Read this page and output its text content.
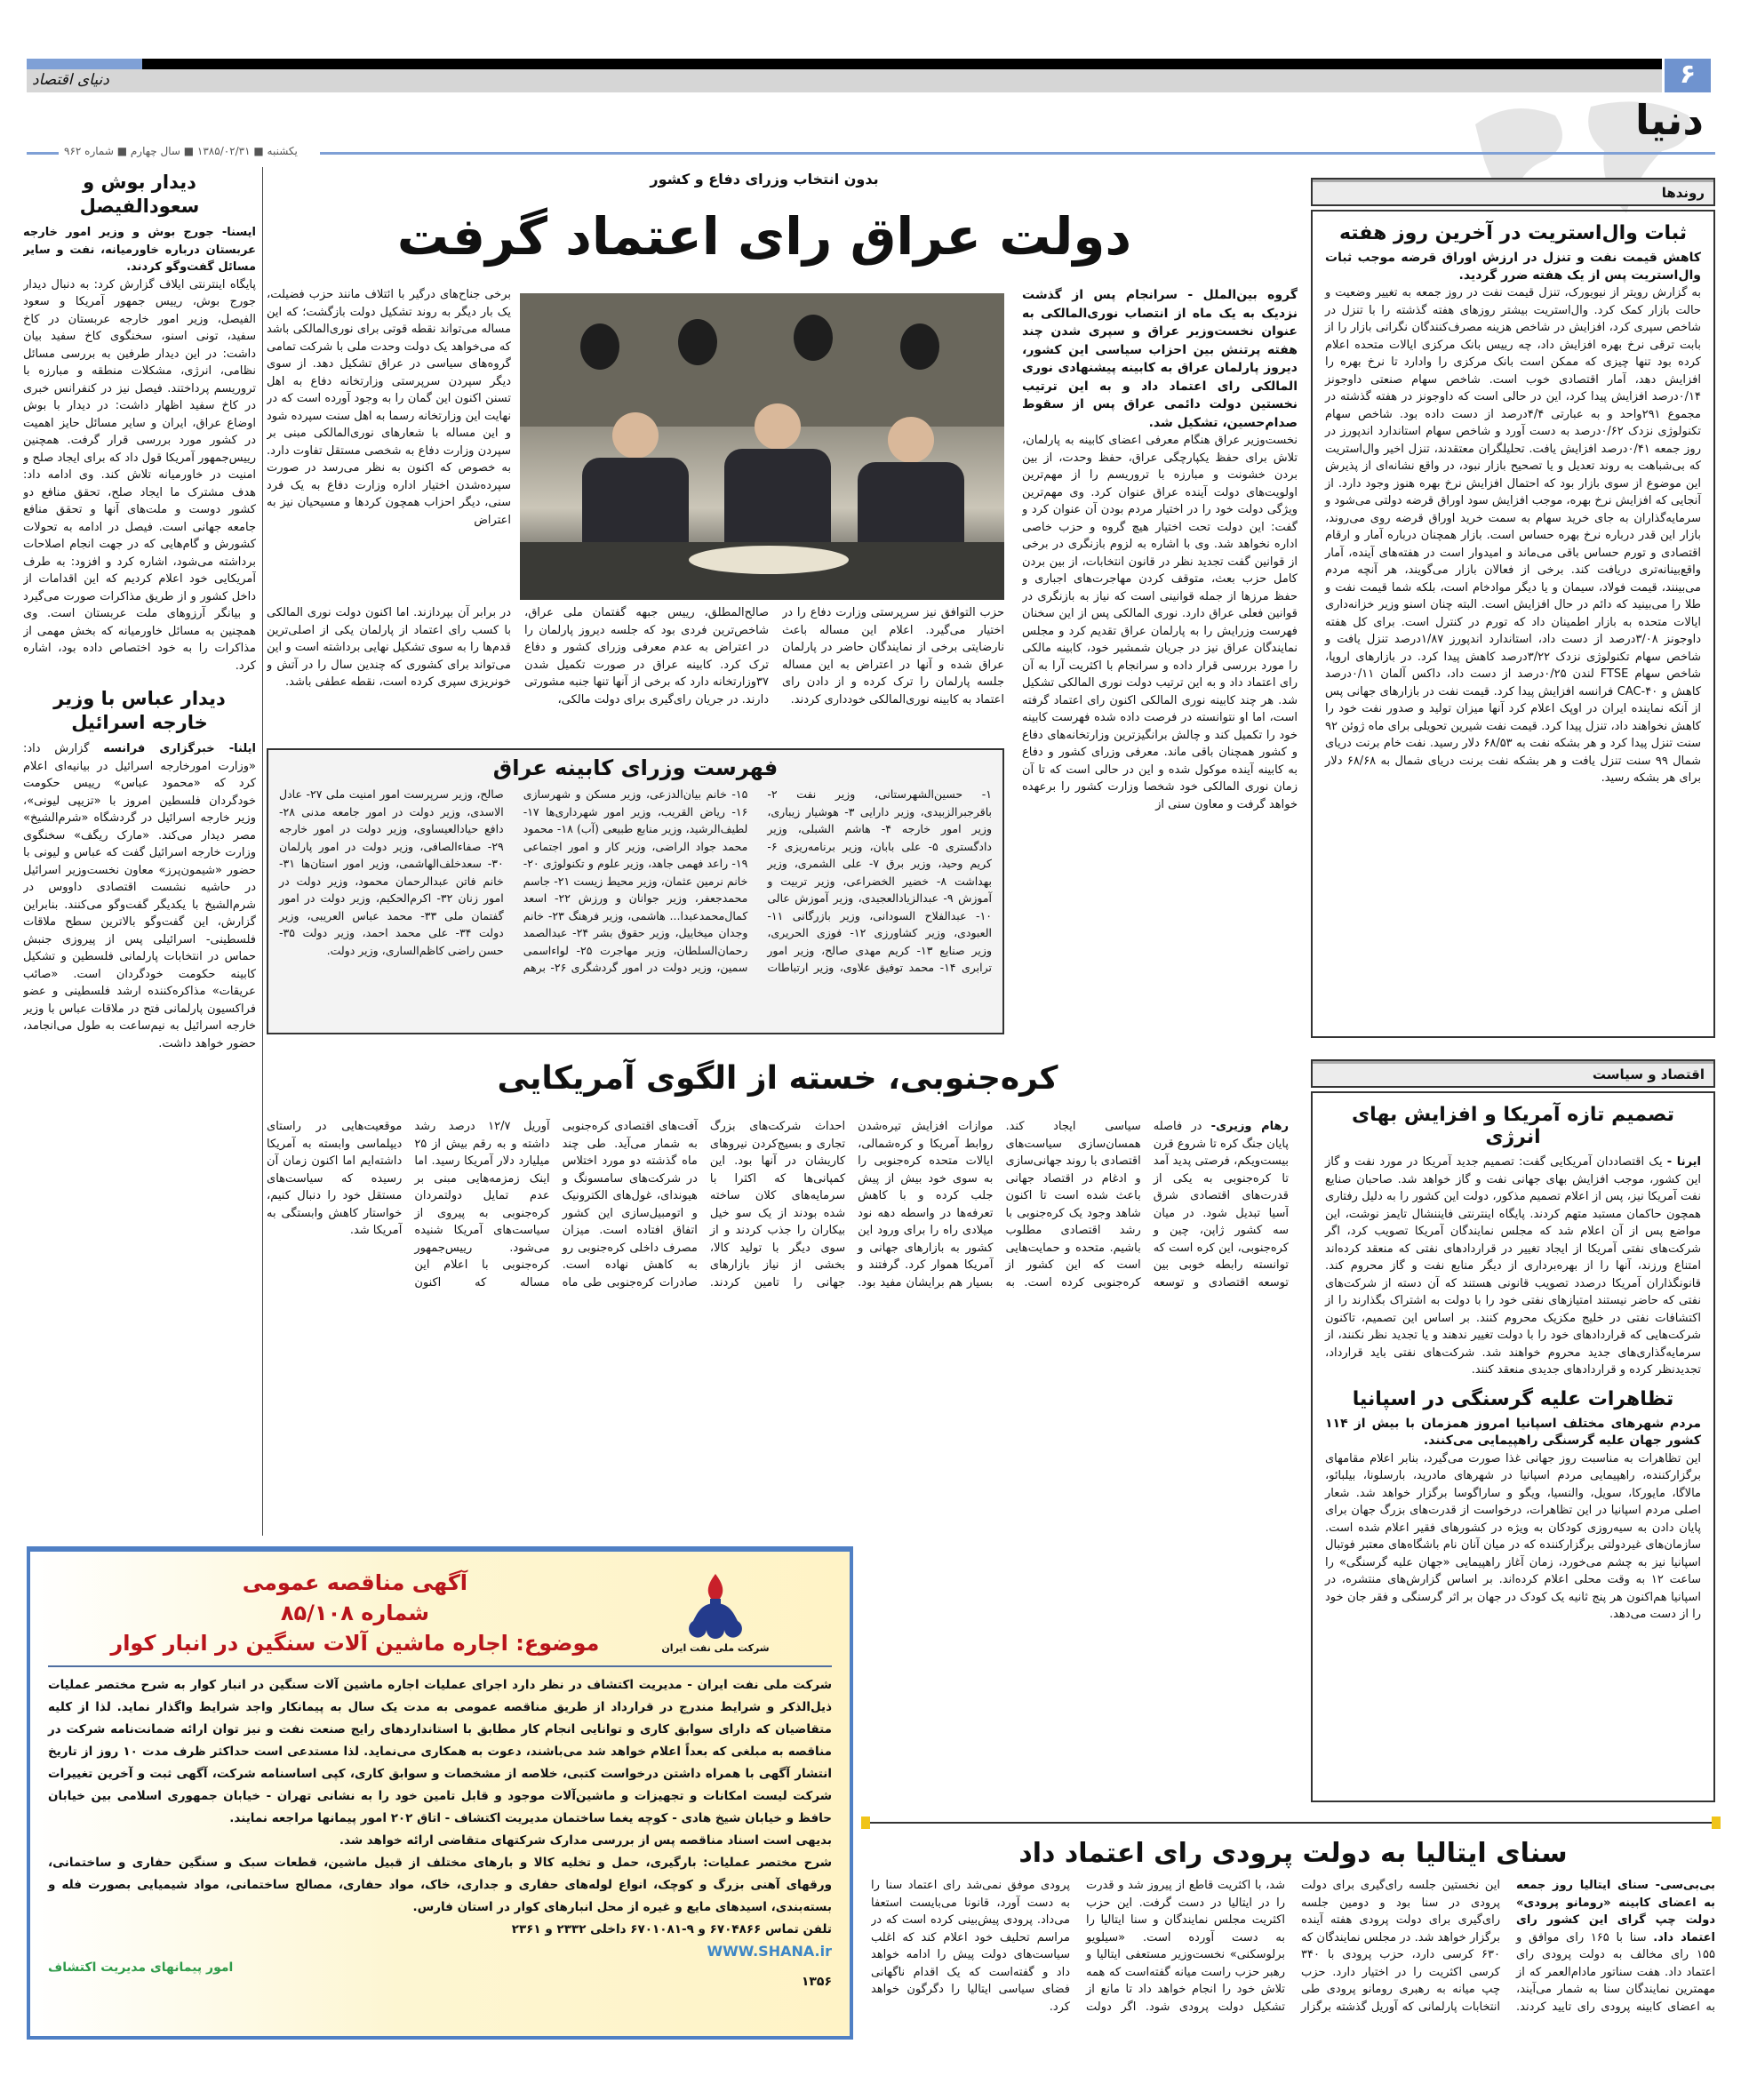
دنیای اقتصاد	۶
دنیا
یکشنبه ■ ۱۳۸۵/۰۲/۳۱ ■ سال چهارم ■ شماره ۹۶۲
دیدار بوش و سعودالفیصل

ایسنا- جورج بوش و وزیر امور خارجه عربستان درباره خاورمیانه، نفت و سایر مسائل گفت‌وگو کردند.

پایگاه اینترنتی ایلاف گزارش کرد: به دنبال دیدار جورج بوش، رییس جمهور آمریکا و سعود الفیصل، وزیر امور خارجه عربستان در کاخ سفید، تونی اسنو، سخنگوی کاخ سفید بیان داشت: در این دیدار طرفین به بررسی مسائل نظامی، انرژی، مشکلات منطقه و مبارزه با تروریسم پرداختند. فیصل نیز در کنفرانس خبری در کاخ سفید اظهار داشت: در دیدار با بوش اوضاع عراق، ایران و سایر مسائل حایز اهمیت در کشور مورد بررسی قرار گرفت. همچنین رییس‌جمهور آمریکا قول داد که برای ایجاد صلح و امنیت در خاورمیانه تلاش کند. وی ادامه داد: هدف مشترک ما ایجاد صلح، تحقق منافع دو کشور دوست و ملت‌های آنها و تحقق منافع جامعه جهانی است. فیصل در ادامه به تحولات کشورش و گام‌هایی که در جهت انجام اصلاحات برداشته می‌شود، اشاره کرد و افزود: به طرف آمریکایی خود اعلام کردیم که این اقدامات از داخل کشور و از طریق مذاکرات صورت می‌گیرد و بیانگر آرزوهای ملت عربستان است. وی همچنین به مسائل خاورمیانه که بخش مهمی از مذاکرات را به خود اختصاص داده بود، اشاره کرد.

دیدار عباس با وزیر خارجه اسرائیل
ایلنا- خبرگزاری فرانسه گزارش داد: «وزارت امورخارجه اسرائیل در بیانیه‌ای اعلام کرد که «محمود عباس» رییس حکومت خودگردان فلسطین امروز با «تزیپی لیونی»، وزیر خارجه اسرائیل در گردشگاه «شرم‌الشیخ» مصر دیدار می‌کند. «مارک ریگف» سخنگوی وزارت خارجه اسرائیل گفت که عباس و لیونی با حضور «شیمون‌پرز» معاون نخست‌وزیر اسرائیل در حاشیه نشست اقتصادی داووس در شرم‌الشیخ با یکدیگر گفت‌وگو می‌کنند. بنابراین گزارش، این گفت‌وگو بالاترین سطح ملاقات فلسطینی- اسرائیلی پس از پیروزی جنبش حماس در انتخابات پارلمانی فلسطین و تشکیل کابینه حکومت خودگردان است. «صائب عریقات» مذاکره‌کننده ارشد فلسطینی و عضو فراکسیون پارلمانی فتح در ملاقات عباس با وزیر خارجه اسرائیل به نیم‌ساعت به طول می‌انجامد، حضور خواهد داشت.
بدون انتخاب وزرای دفاع و کشور
دولت عراق رای اعتماد گرفت

گروه بین‌الملل - سرانجام پس از گذشت نزدیک به یک ماه از انتصاب نوری‌المالکی به عنوان نخست‌وزیر عراق و سپری شدن چند هفته پرتنش بین احزاب سیاسی این کشور، دیروز پارلمان عراق به کابینه پیشنهادی نوری المالکی رای اعتماد داد و به این ترتیب نخستین دولت دائمی عراق پس از سقوط صدام‌حسین، تشکیل شد.

نخست‌وزیر عراق هنگام معرفی اعضای کابینه به پارلمان، تلاش برای حفظ یکپارچگی عراق، حفظ وحدت، از بین بردن خشونت و مبارزه با تروریسم را از مهم‌ترین اولویت‌های دولت آینده عراق عنوان کرد. وی مهم‌ترین ویژگی دولت خود را در اختیار مردم بودن آن عنوان کرد و گفت: این دولت تحت اختیار هیچ گروه و حزب خاصی اداره نخواهد شد. وی با اشاره به لزوم بازنگری در برخی از قوانین گفت تجدید نظر در قانون انتخابات، از بین بردن کامل حزب بعث، متوقف کردن مهاجرت‌های اجباری و حفظ مرزها از جمله قوانینی است که نیاز به بازنگری در قوانین فعلی عراق دارد. نوری المالکی پس از این سخنان فهرست وزرایش را به پارلمان عراق تقدیم کرد و مجلس نمایندگان عراق نیز در جریان شمشیر خود، کابینه مالکی را مورد بررسی قرار داده و سرانجام با اکثریت آرا به آن رای اعتماد داد و به این ترتیب دولت نوری المالکی تشکیل شد. هر چند کابینه نوری المالکی اکنون رای اعتماد گرفته است، اما او نتوانسته در فرصت داده شده فهرست کابینه خود را تکمیل کند و چالش برانگیزترین وزارتخانه‌های دفاع و کشور همچنان باقی ماند. معرفی وزرای کشور و دفاع به کابینه آینده موکول شده و این در حالی است که تا آن زمان نوری المالکی خود شخصا وزارت کشور را برعهده خواهد گرفت و معاون سنی از

برخی جناح‌های درگیر با ائتلاف مانند حزب فضیلت، یک بار دیگر به روند تشکیل دولت بازگشت؛ که این مساله می‌تواند نقطه قوتی برای نوری‌المالکی باشد که می‌خواهد یک دولت وحدت ملی با شرکت تمامی گروه‌های سیاسی در عراق تشکیل دهد. از سوی دیگر سپردن سرپرستی وزارتخانه دفاع به اهل تسنن اکنون این گمان را به وجود آورده است که در نهایت این وزارتخانه رسما به اهل سنت سپرده شود و این مساله با شعارهای نوری‌المالکی مبنی بر سپردن وزارت دفاع به شخصی مستقل تفاوت دارد. به خصوص که اکنون به نظر می‌رسد در صورت سپرده‌شدن اختیار اداره وزارت دفاع به یک فرد سنی، دیگر احزاب همچون کردها و مسیحیان نیز به اعتراض

حزب التوافق نیز سرپرستی وزارت دفاع را در اختیار می‌گیرد. اعلام این مساله باعث نارضایتی برخی از نمایندگان حاضر در پارلمان عراق شده و آنها در اعتراض به این مساله جلسه پارلمان را ترک کرده و از دادن رای اعتماد به کابینه نوری‌المالکی خودداری کردند.

صالح‌المطلق، رییس جبهه گفتمان ملی عراق، شاخص‌ترین فردی بود که جلسه دیروز پارلمان را در اعتراض به عدم معرفی وزرای کشور و دفاع ترک کرد. کابینه عراق در صورت تکمیل شدن ۳۷وزارتخانه دارد که برخی از آنها تنها جنبه مشورتی دارند. در جریان رای‌گیری برای دولت مالکی،

در برابر آن بپردازند. اما اکنون دولت نوری المالکی با کسب رای اعتماد از پارلمان یکی از اصلی‌ترین قدم‌ها را به سوی تشکیل نهایی برداشته است و این می‌تواند برای کشوری که چندین سال را در آتش و خونریزی سپری کرده است، نقطه عطفی باشد.

فهرست وزرای کابینه عراق
۱- حسین‌الشهرستانی، وزیر نفت ۲- باقرجبرالزبیدی، وزیر دارایی ۳- هوشیار زیباری، وزیر امور خارجه ۴- هاشم الشبلی، وزیر دادگستری ۵- علی بابان، وزیر برنامه‌ریزی ۶- کریم وحید، وزیر برق ۷- علی الشمری، وزیر بهداشت ۸- خضیر الخضراعی، وزیر تربیت و آموزش ۹- عبدالزیادالعجیدی، وزیر آموزش عالی ۱۰- عبدالفلاح السودانی، وزیر بازرگانی ۱۱- العبودی، وزیر کشاورزی ۱۲- فوزی الحریری، وزیر صنایع ۱۳- کریم مهدی صالح، وزیر امور ترابری ۱۴- محمد توفیق علاوی، وزیر ارتباطات ۱۵- خانم بیان‌الدزعی، وزیر مسکن و شهرسازی ۱۶- ریاض القریب، وزیر امور شهرداری‌ها ۱۷- لطیف‌الرشید، وزیر منابع طبیعی (آب) ۱۸- محمود محمد جواد الراضی، وزیر کار و امور اجتماعی ۱۹- راعد فهمی جاهد، وزیر علوم و تکنولوژی ۲۰- خانم نرمین عثمان، وزیر محیط زیست ۲۱- جاسم محمدجعفر، وزیر جوانان و ورزش ۲۲- اسعد کمال‌محمدعبدا... هاشمی، وزیر فرهنگ ۲۳- خانم وجدان میخاییل، وزیر حقوق بشر ۲۴- عبدالصمد رحمان‌السلطان، وزیر مهاجرت ۲۵- لواءاسمی سمین، وزیر دولت در امور گردشگری ۲۶- برهم صالح، وزیر سرپرست امور امنیت ملی ۲۷- عادل الاسدی، وزیر دولت در امور جامعه مدنی ۲۸- دافع حیادالعیساوی، وزیر دولت در امور خارجه ۲۹- صفاءالصافی، وزیر دولت در امور پارلمان ۳۰- سعدخلف‌الهاشمی، وزیر امور استان‌ها ۳۱- خانم فاتن عبدالرحمان محمود، وزیر دولت در امور زنان ۳۲- اکرم‌الحکیم، وزیر دولت در امور گفتمان ملی ۳۳- محمد عباس العریبی، وزیر دولت ۳۴- علی محمد احمد، وزیر دولت ۳۵- حسن راضی کاظم‌الساری، وزیر دولت.
کره‌جنوبی، خسته از الگوی آمریکایی
رهام وزیری- در فاصله پایان جنگ کره تا شروع قرن بیست‌ویکم، فرصتی پدید آمد تا کره‌جنوبی به یکی از قدرت‌های اقتصادی شرق آسیا تبدیل شود. در میان سه کشور ژاپن، چین و کره‌جنوبی، این کره است که توانسته رابطه خوبی بین توسعه اقتصادی و توسعه سیاسی ایجاد کند. همسان‌سازی سیاست‌های اقتصادی با روند جهانی‌سازی و ادغام در اقتصاد جهانی باعث شده است تا اکنون شاهد وجود یک کره‌جنوبی با رشد اقتصادی مطلوب باشیم. متحده و حمایت‌هایی است که این کشور از کره‌جنوبی کرده است. به موازات افزایش تیره‌شدن روابط آمریکا و کره‌شمالی، ایالات متحده کره‌جنوبی را به سوی خود بیش از پیش جلب کرده و با کاهش تعرفه‌ها در واسطه دهه نود میلادی راه را برای ورود این کشور به بازارهای جهانی و آمریکا هموار کرد. گرفتند و بسیار هم برایشان مفید بود. احداث شرکت‌های بزرگ تجاری و بسیج‌کردن نیروهای کاریشان در آنها بود. این کمپانی‌ها که اکثرا با سرمایه‌های کلان ساخته شده بودند از یک سو خیل بیکاران را جذب کردند و از سوی دیگر با تولید کالا، بخشی از نیاز بازارهای جهانی را تامین کردند. آفت‌های اقتصادی کره‌جنوبی به شمار می‌آید. طی چند ماه گذشته دو مورد اختلاس در شرکت‌های سامسونگ و هیوندای، غول‌های الکترونیک و اتومبیل‌سازی این کشور اتفاق افتاده است. میزان مصرف داخلی کره‌جنوبی رو به کاهش نهاده است. صادرات کره‌جنوبی طی ماه آوریل ۱۲/۷ درصد رشد داشته و به رقم بیش از ۲۵ میلیارد دلار آمریکا رسید. اما اینک زمزمه‌هایی مبنی بر عدم تمایل دولتمردان کره‌جنوبی به پیروی از سیاست‌های آمریکا شنیده می‌شود. رییس‌جمهور کره‌جنوبی با اعلام این مساله که اکنون موقعیت‌هایی در راستای دیپلماسی وابسته به آمریکا داشته‌ایم اما اکنون زمان آن رسیده که سیاست‌های مستقل خود را دنبال کنیم، خواستار کاهش وابستگی به آمریکا شد.
روندها
ثبات وال‌استریت در آخرین روز هفته

کاهش قیمت نفت و تنزل در ارزش اوراق قرضه موجب ثبات وال‌استریت پس از یک هفته ضرر گردید.

به گزارش رویتر از نیویورک، تنزل قیمت نفت در روز جمعه به تغییر وضعیت و حالت بازار کمک کرد. وال‌استریت بیشتر روزهای هفته گذشته را با تنزل در شاخص سپری کرد، افزایش در شاخص هزینه مصرف‌کنندگان نگرانی بازار را از بابت ترقی نرخ بهره افزایش داد، چه رییس بانک مرکزی ایالات متحده اعلام کرده بود تنها چیزی که ممکن است بانک مرکزی را وادارد تا نرخ بهره را افزایش دهد، آمار اقتصادی خوب است. شاخص سهام صنعتی داوجونز ۰/۱۴درصد افزایش پیدا کرد، این در حالی است که داوجونز در هفته گذشته در مجموع ۲۹۱واحد و به عبارتی ۴/۴درصد از دست داده بود. شاخص سهام تکنولوژی نزدک ۰/۶۲درصد به دست آورد و شاخص سهام استاندارد اندپورز در روز جمعه ۰/۴۱درصد افزایش یافت. تحلیلگران معتقدند، تنزل اخیر وال‌استریت که بی‌شباهت به روند تعدیل و یا تصحیح بازار نبود، در واقع نشانه‌ای از پذیرش این موضوع از سوی بازار بود که احتمال افزایش نرخ بهره هنوز وجود دارد. از آنجایی که افزایش نرخ بهره، موجب افزایش سود اوراق قرضه دولتی می‌شود و سرمایه‌گذاران به جای خرید سهام به سمت خرید اوراق قرضه روی می‌روند، بازار این قدر درباره نرخ بهره حساس است. بازار همچنان درباره آمار و ارقام اقتصادی و تورم حساس باقی می‌ماند و امیدوار است در هفته‌های آینده، آمار واقع‌بینانه‌تری دریافت کند. برخی از فعالان بازار می‌گویند، هر آنچه مردم می‌بینند، قیمت فولاد، سیمان و یا دیگر موادخام است، بلکه شما قیمت نفت و طلا را می‌بینید که دائم در حال افزایش است. البته چنان اسنو وزیر خزانه‌داری ایالات متحده به بازار اطمینان داد که تورم در کنترل است. برای کل هفته داوجونز ۳/۰۸درصد از دست داد، استاندارد اندپورز ۱/۸۷درصد تنزل یافت و شاخص سهام تکنولوژی نزدک ۳/۲۲درصد کاهش پیدا کرد. در بازارهای اروپا، شاخص سهام FTSE لندن ۰/۲۵درصد از دست داد، داکس آلمان ۰/۱۱درصد کاهش و CAC-۴۰ فرانسه افزایش پیدا کرد. قیمت نفت در بازارهای جهانی پس از آنکه نماینده ایران در اوپک اعلام کرد آنها میزان تولید و صدور نفت خود را کاهش نخواهند داد، تنزل پیدا کرد. قیمت نفت شیرین تحویلی برای ماه ژوئن ۹۲ سنت تنزل پیدا کرد و هر بشکه نفت به ۶۸/۵۳ دلار رسید. نفت خام برنت دریای شمال ۹۹ سنت تنزل یافت و هر بشکه نفت برنت دریای شمال به ۶۸/۶۸ دلار برای هر بشکه رسید.

اقتصاد و سیاست
تصمیم تازه آمریکا و افزایش بهای انرژی
ایرنا - یک اقتصاددان آمریکایی گفت: تصمیم جدید آمریکا در مورد نفت و گاز این کشور، موجب افزایش بهای جهانی نفت و گاز خواهد شد. صاحبان صنایع نفت آمریکا نیز، پس از اعلام تصمیم مذکور، دولت این کشور را به دلیل رفتاری همچون حاکمان مستبد متهم کردند. پایگاه اینترنتی فایننشال تایمز نوشت، این مواضع پس از آن اعلام شد که مجلس نمایندگان آمریکا تصویب کرد، اگر شرکت‌های نفتی آمریکا از ایجاد تغییر در قراردادهای نفتی که منعقد کرده‌اند امتناع ورزند، آنها را از بهره‌برداری از دیگر منابع نفت و گاز محروم کند. قانونگذاران آمریکا درصدد تصویب قانونی هستند که آن دسته از شرکت‌های نفتی که حاضر نیستند امتیازهای نفتی خود را با دولت به اشتراک بگذارند را از اکتشافات نفتی در خلیج مکزیک محروم کنند. بر اساس این تصمیم، تاکنون شرکت‌هایی که قراردادهای خود را با دولت تغییر ندهند و یا تجدید نظر نکنند، از سرمایه‌گذاری‌های جدید محروم خواهند شد. شرکت‌های نفتی باید قرارداد، تجدیدنظر کرده و قراردادهای جدیدی منعقد کنند.
تظاهرات علیه گرسنگی در اسپانیا

مردم شهرهای مختلف اسپانیا امروز همزمان با بیش از ۱۱۴ کشور جهان علیه گرسنگی راهپیمایی می‌کنند.

این تظاهرات به مناسبت روز جهانی غذا صورت می‌گیرد، بنابر اعلام مقامهای برگزارکننده، راهپیمایی مردم اسپانیا در شهرهای مادرید، بارسلونا، بیلبائو، مالاگا، مایورکا، سویل، والنسیا، ویگو و ساراگوسا برگزار خواهد شد. شعار اصلی مردم اسپانیا در این تظاهرات، درخواست از قدرت‌های بزرگ جهان برای پایان دادن به سیه‌روزی کودکان به ویژه در کشورهای فقیر اعلام شده است. سازمان‌های غیردولتی برگزارکننده که در میان آنان نام باشگاه‌های معتبر فوتبال اسپانیا نیز به چشم می‌خورد، زمان آغاز راهپیمایی «جهان علیه گرسنگی» را ساعت ۱۲ به وقت محلی اعلام کرده‌اند. بر اساس گزارش‌های منتشره، در اسپانیا هم‌اکنون هر پنج ثانیه یک کودک در جهان بر اثر گرسنگی و فقر جان خود را از دست می‌دهد.

شرکت ملی نفت ایران
آگهی مناقصه عمومی
شماره ۸۵/۱۰۸
موضوع: اجاره ماشین آلات سنگین در انبار کوار

شرکت ملی نفت ایران - مدیریت اکتشاف در نظر دارد اجرای عملیات اجاره ماشین آلات سنگین در انبار کوار به شرح مختصر عملیات ذیل‌الذکر و شرایط مندرج در قرارداد از طریق مناقصه عمومی به مدت یک سال به پیمانکار واجد شرایط واگذار نماید. لذا از کلیه متقاضیان که دارای سوابق کاری و توانایی انجام کار مطابق با استانداردهای رایج صنعت نفت و نیز توان ارائه ضمانت‌نامه شرکت در مناقصه به مبلغی که بعداً اعلام خواهد شد می‌باشند، دعوت به همکاری می‌نماید. لذا مستدعی است حداکثر ظرف مدت ۱۰ روز از تاریخ انتشار آگهی با همراه داشتن درخواست کتبی، خلاصه از مشخصات و سوابق کاری، کپی اساسنامه شرکت، آگهی ثبت و آخرین تغییرات شرکت لیست امکانات و تجهیزات و ماشین‌آلات موجود و قابل تامین خود را به نشانی تهران - خیابان جمهوری اسلامی بین خیابان حافظ و خیابان شیخ هادی - کوچه یغما ساختمان مدیریت اکتشاف - اتاق ۲۰۲ امور پیمانها مراجعه نمایند.

بدیهی است اسناد مناقصه پس از بررسی مدارک شرکتهای متقاضی ارائه خواهد شد.

شرح مختصر عملیات: بارگیری، حمل و تخلیه کالا و بارهای مختلف از قبیل ماشین، قطعات سبک و سنگین حفاری و ساختمانی، ورقهای آهنی بزرگ و کوچک، انواع لوله‌های حفاری و جداری، خاک، مواد حفاری، مصالح ساختمانی، مواد شیمیایی بصورت فله و بسته‌بندی، اسیدهای مایع و غیره از محل انبارهای کوار در استان فارس.

تلفن تماس ۶۷۰۴۸۶۶ و ۹-۶۷۰۱۰۸۱ داخلی ۲۳۳۲ و ۲۳۶۱

WWW.SHANA.ir
امور پیمانهای مدیریت اکتشاف
۱۳۵۶
سنای ایتالیا به دولت پرودی رای اعتماد داد
بی‌بی‌سی- سنای ایتالیا روز جمعه به اعضای کابینه «رومانو پرودی» دولت چپ گرای این کشور رای اعتماد داد. سنا با ۱۶۵ رای موافق و ۱۵۵ رای مخالف به دولت پرودی رای اعتماد داد. هفت سناتور مادام‌العمر که از مهمترین نمایندگان سنا به شمار می‌آیند، به اعضای کابینه پرودی رای تایید کردند. این نخستین جلسه رای‌گیری برای دولت پرودی در سنا بود و دومین جلسه رای‌گیری برای دولت پرودی هفته آینده برگزار خواهد شد. در مجلس نمایندگان که ۶۳۰ کرسی دارد، حزب پرودی با ۳۴۰ کرسی اکثریت را در اختیار دارد. حزب چپ میانه به رهبری رومانو پرودی طی انتخابات پارلمانی که آوریل گذشته برگزار شد، با اکثریت قاطع از پیروز شد و قدرت را در ایتالیا در دست گرفت. این حزب اکثریت مجلس نمایندگان و سنا ایتالیا را به دست آورده است. «سیلویو برلوسکنی» نخست‌وزیر مستعفی ایتالیا و رهبر حزب راست میانه گفته‌است که همه تلاش خود را انجام خواهد داد تا مانع از تشکیل دولت پرودی شود. اگر دولت پرودی موفق نمی‌شد رای اعتماد سنا را به دست آورد، قانونا می‌بایست استعفا می‌داد. پرودی پیش‌بینی کرده است که در مراسم تحلیف خود اعلام کند که اغلب سیاست‌های دولت پیش را ادامه خواهد داد و گفته‌است که یک اقدام ناگهانی فضای سیاسی ایتالیا را دگرگون خواهد کرد.
